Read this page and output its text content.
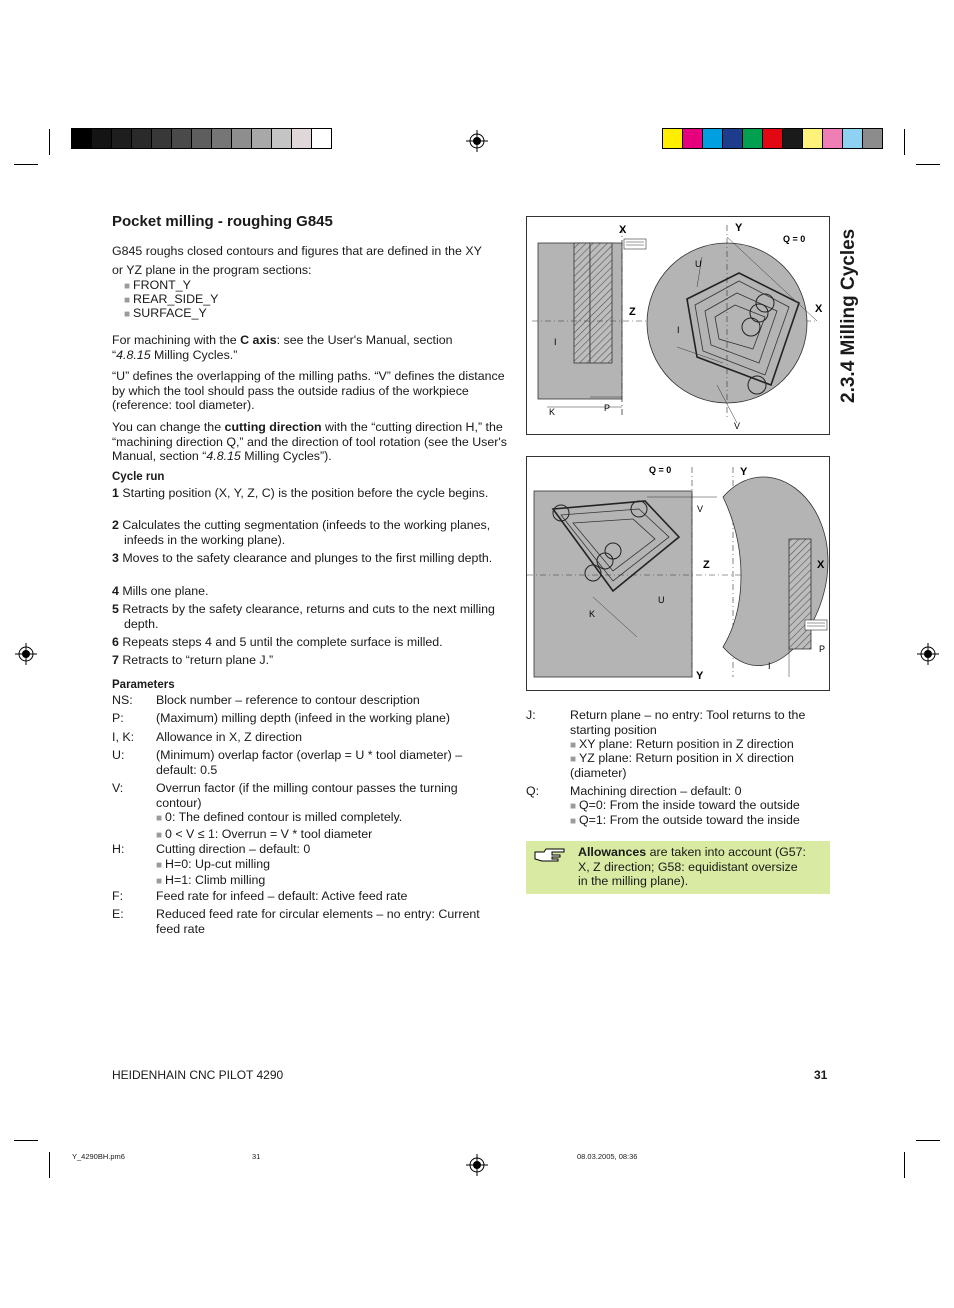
2.3.4 Milling Cycles
Pocket milling - roughing G845
G845 roughs closed contours and figures that are defined in the XY
or YZ plane in the program sections:
■ FRONT_Y
■ REAR_SIDE_Y
■ SURFACE_Y
For machining with the C axis: see the User's Manual, section
“4.8.15 Milling Cycles.”
“U” defines the overlapping of the milling paths. “V” defines the distance by which the tool should pass the outside radius of the workpiece (reference: tool diameter).
You can change the cutting direction with the “cutting direction H,” the “machining direction Q,” and the direction of tool rotation (see the User's Manual, section “4.8.15 Milling Cycles”).
Cycle run
1 Starting position (X, Y, Z, C) is the position before the cycle begins.
2 Calculates the cutting segmentation (infeeds to the working planes, infeeds in the working plane).
3 Moves to the safety clearance and plunges to the first milling depth.
4 Mills one plane.
5 Retracts by the safety clearance, returns and cuts to the next milling depth.
6 Repeats steps 4 and 5 until the complete surface is milled.
7 Retracts to “return plane J.”
Parameters
NS: Block number – reference to contour description
P:	(Maximum) milling depth (infeed in the working plane)
I, K: Allowance in X, Z direction
U:	(Minimum) overlap factor (overlap = U * tool diameter) – default: 0.5
V:	Overrun factor (if the milling contour passes the turning contour)
■ 0: The defined contour is milled completely.
■ 0 < V ≤ 1: Overrun = V * tool diameter
H:	Cutting direction – default: 0
■ H=0: Up-cut milling
■ H=1: Climb milling
F:	Feed rate for infeed – default: Active feed rate
E:	Reduced feed rate for circular elements – no entry: Current feed rate
X	Y
Q = 0
Z	X
U
I
I
K	P
V
Q = 0	Y
V
Z	X
K
U
P
I
Y
J:	Return plane – no entry: Tool returns to the starting position
■ XY plane: Return position in Z direction
■ YZ plane: Return position in X direction
(diameter)
Q: Machining direction – default: 0
■ Q=0: From the inside toward the outside
■ Q=1: From the outside toward the inside
Allowances are taken into account (G57:
X, Z direction; G58: equidistant oversize
in the milling plane).
HEIDENHAIN CNC PILOT 4290	31
Y_4290BH.pm6	31	08.03.2005, 08:36
